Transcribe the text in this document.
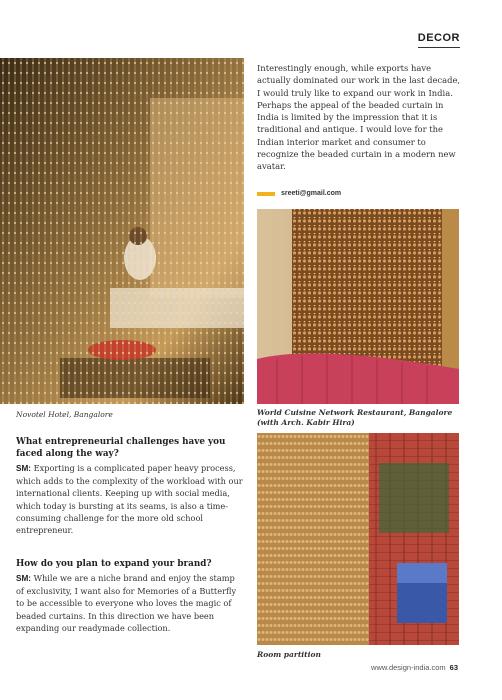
DECOR
Novotel Hotel, Bangalore

Interestingly enough, while exports have actually dominated our work in the last decade, I would truly like to expand our work in India. Perhaps the appeal of the beaded curtain in India is limited by the impression that it is traditional and antique. I would love for the Indian interior market and consumer to recognize the beaded curtain in a modern new avatar.

sreeti@gmail.com
World Cuisine Network Restaurant, Bangalore (with Arch. Kabir Hira)
Room partition
What entrepreneurial challenges have you faced along the way?

SM: Exporting is a complicated paper heavy process, which adds to the complexity of the workload with our international clients. Keeping up with social media, which today is bursting at its seams, is also a time-consuming challenge for the more old school entrepreneur.

How do you plan to expand your brand?

SM: While we are a niche brand and enjoy the stamp of exclusivity, I want also for Memories of a Butterfly to be accessible to everyone who loves the magic of beaded curtains. In this direction we have been expanding our readymade collection.

www.design-india.com 63
